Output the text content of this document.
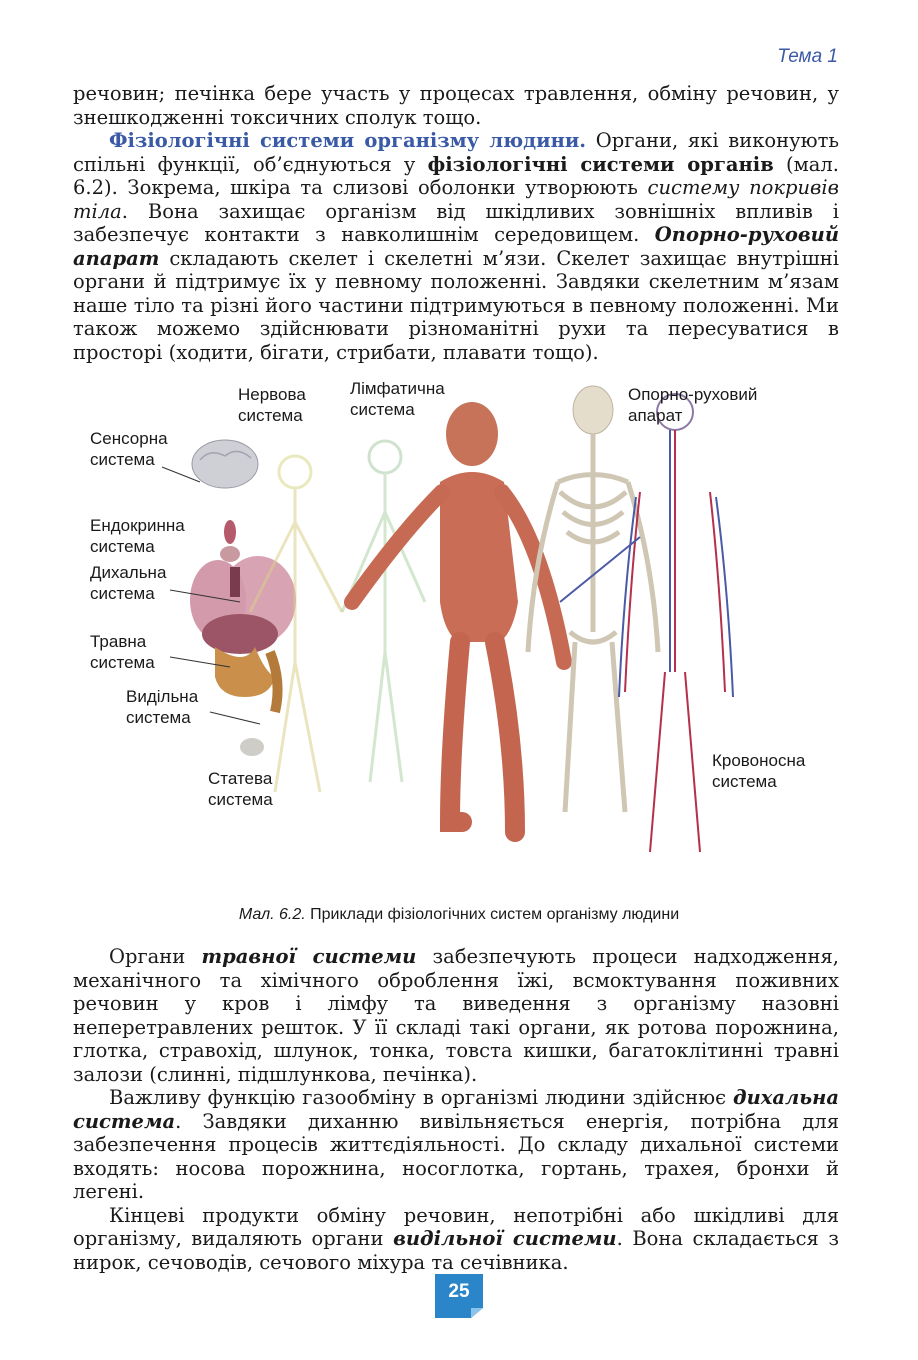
Тема 1

речовин; печінка бере участь у процесах травлення, обміну речовин, у знешкодженні токсичних сполук тощо.

Фізіологічні системи організму людини. Органи, які виконують спільні функції, об’єднуються у фізіологічні системи органів (мал. 6.2). Зокрема, шкіра та слизові оболонки утворюють систему покривів тіла. Вона захищає організм від шкідливих зовнішніх впливів і забезпечує контакти з навколишнім середовищем. Опорно-руховий апарат складають скелет і скелетні м’язи. Скелет захищає внутрішні органи й підтримує їх у певному положенні. Завдяки скелетним м’язам наше тіло та різні його частини підтримуються в певному положенні. Ми також можемо здійснювати різноманітні рухи та пересуватися в просторі (ходити, бігати, стрибати, плавати тощо).

Нервова
система
Лімфатична
система
Опорно-руховий
апарат
Сенсорна
система
Ендокринна
система
Дихальна
система
Травна
система
Видільна
система
Статева
система
Кровоносна
система
Мал. 6.2. Приклади фізіологічних систем організму людини

Органи травної системи забезпечують процеси надходження, механічного та хімічного оброблення їжі, всмоктування поживних речовин у кров і лімфу та виведення з організму назовні неперетравлених решток. У її складі такі органи, як ротова порожнина, глотка, стравохід, шлунок, тонка, товста кишки, багатоклітинні травні залози (слинні, підшлункова, печінка).

Важливу функцію газообміну в організмі людини здійснює дихальна система. Завдяки диханню вивільняється енергія, потрібна для забезпечення процесів життєдіяльності. До складу дихальної системи входять: носова порожнина, носоглотка, гортань, трахея, бронхи й легені.

Кінцеві продукти обміну речовин, непотрібні або шкідливі для організму, видаляють органи видільної системи. Вона складається з нирок, сечоводів, сечового міхура та сечівника.

25
